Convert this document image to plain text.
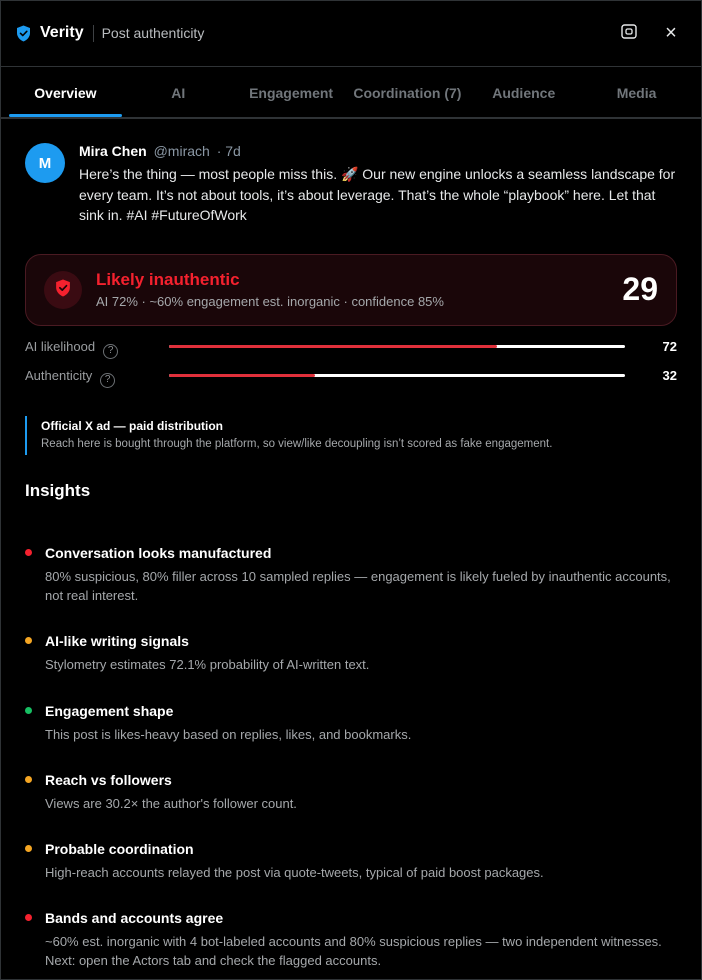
Verity Post authenticity	×
Overview	AI	Engagement	Coordination (7)	Audience	Media
M
Mira Chen @mirach · 7d
Here’s the thing — most people miss this. 🚀 Our new engine unlocks a seamless landscape for every team. It’s not about tools, it’s about leverage. That’s the whole “playbook” here. Let that sink in. #AI #FutureOfWork
Likely inauthentic
AI 72% · ~60% engagement est. inorganic · confidence 85%	29
AI likelihood ?	72
Authenticity ?	32
Official X ad — paid distribution
Reach here is bought through the platform, so view/like decoupling isn’t scored as fake engagement.
Insights
Conversation looks manufactured
80% suspicious, 80% filler across 10 sampled replies — engagement is likely fueled by inauthentic accounts, not real interest.
AI-like writing signals
Stylometry estimates 72.1% probability of AI-written text.
Engagement shape
This post is likes-heavy based on replies, likes, and bookmarks.
Reach vs followers
Views are 30.2× the author's follower count.
Probable coordination
High-reach accounts relayed the post via quote-tweets, typical of paid boost packages.
Bands and accounts agree
~60% est. inorganic with 4 bot-labeled accounts and 80% suspicious replies — two independent witnesses. Next: open the Actors tab and check the flagged accounts.
